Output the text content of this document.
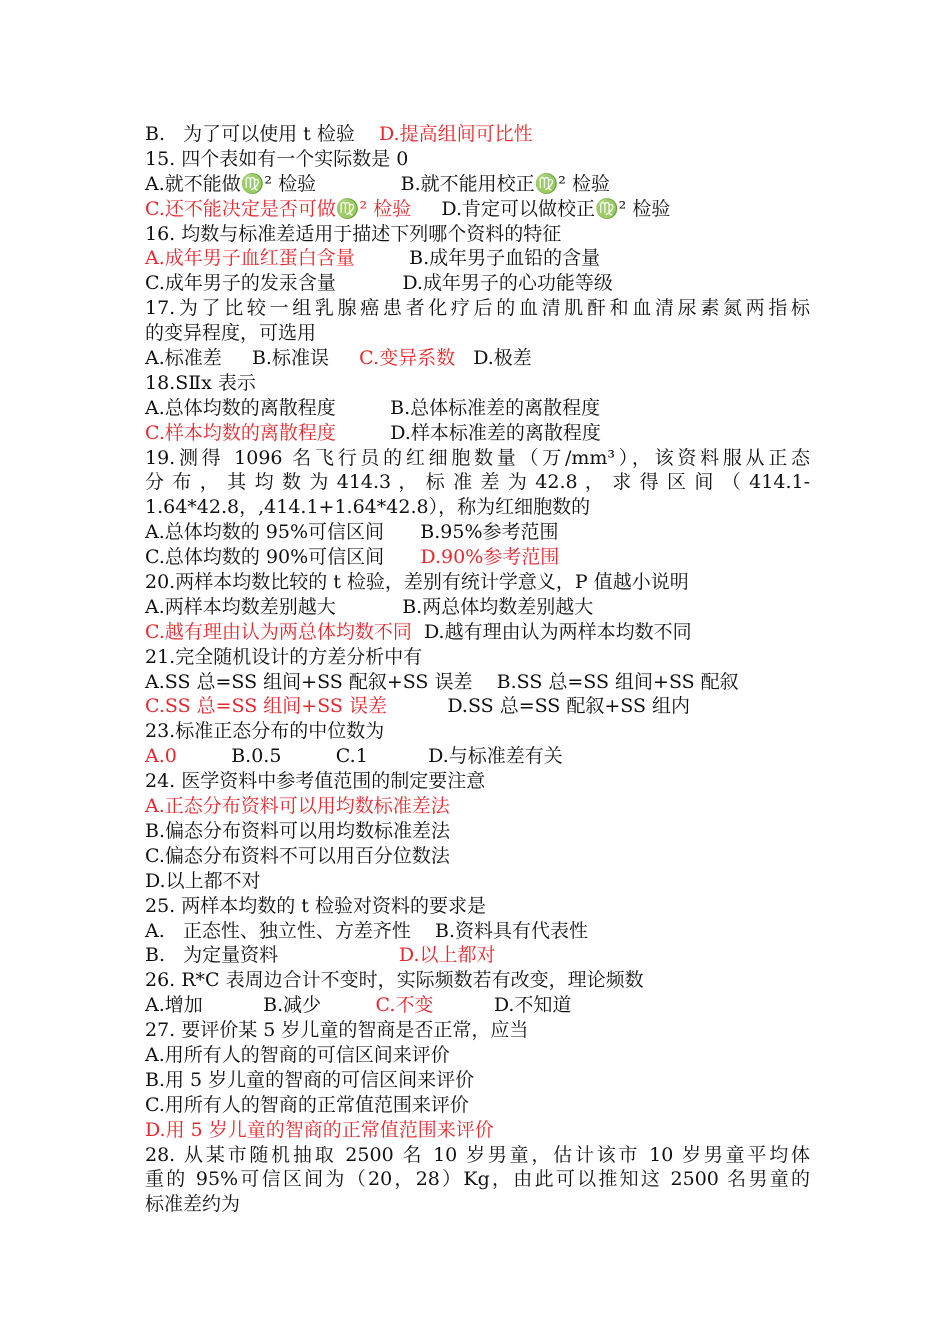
B.   为了可以使用 t 检验    D.提高组间可比性
15. 四个表如有一个实际数是 0
A.就不能做♍² 检验              B.就不能用校正♍² 检验
C.还不能决定是否可做♍² 检验     D.肯定可以做校正♍² 检验
16. 均数与标准差适用于描述下列哪个资料的特征
A.成年男子血红蛋白含量         B.成年男子血铅的含量
C.成年男子的发汞含量           D.成年男子的心功能等级
17.为了比较一组乳腺癌患者化疗后的血清肌酐和血清尿素氮两指标
的变异程度，可选用
A.标准差     B.标准误     C.变异系数   D.极差
18.SⅡx 表示
A.总体均数的离散程度         B.总体标准差的离散程度
C.样本均数的离散程度         D.样本标准差的离散程度
19.测得 1096 名飞行员的红细胞数量（万/mm³），该资料服从正态
分 布 ， 其 均 数 为 414.3 ， 标 准 差 为 42.8 ， 求 得 区 间 （ 414.1-
1.64*42.8，,414.1+1.64*42.8），称为红细胞数的
A.总体均数的 95%可信区间      B.95%参考范围
C.总体均数的 90%可信区间      D.90%参考范围
20.两样本均数比较的 t 检验，差别有统计学意义，P 值越小说明
A.两样本均数差别越大           B.两总体均数差别越大
C.越有理由认为两总体均数不同  D.越有理由认为两样本均数不同
21.完全随机设计的方差分析中有
A.SS 总=SS 组间+SS 配叙+SS 误差    B.SS 总=SS 组间+SS 配叙
C.SS 总=SS 组间+SS 误差          D.SS 总=SS 配叙+SS 组内
23.标准正态分布的中位数为
A.0         B.0.5         C.1          D.与标准差有关
24. 医学资料中参考值范围的制定要注意
A.正态分布资料可以用均数标准差法
B.偏态分布资料可以用均数标准差法
C.偏态分布资料不可以用百分位数法
D.以上都不对
25. 两样本均数的 t 检验对资料的要求是
A.   正态性、独立性、方差齐性    B.资料具有代表性
B.   为定量资料                    D.以上都对
26. R*C 表周边合计不变时，实际频数若有改变，理论频数
A.增加          B.减少         C.不变          D.不知道
27. 要评价某 5 岁儿童的智商是否正常，应当
A.用所有人的智商的可信区间来评价
B.用 5 岁儿童的智商的可信区间来评价
C.用所有人的智商的正常值范围来评价
D.用 5 岁儿童的智商的正常值范围来评价
28. 从某市随机抽取 2500 名 10 岁男童，估计该市 10 岁男童平均体
重的 95%可信区间为（20，28）Kg，由此可以推知这 2500 名男童的
标准差约为
